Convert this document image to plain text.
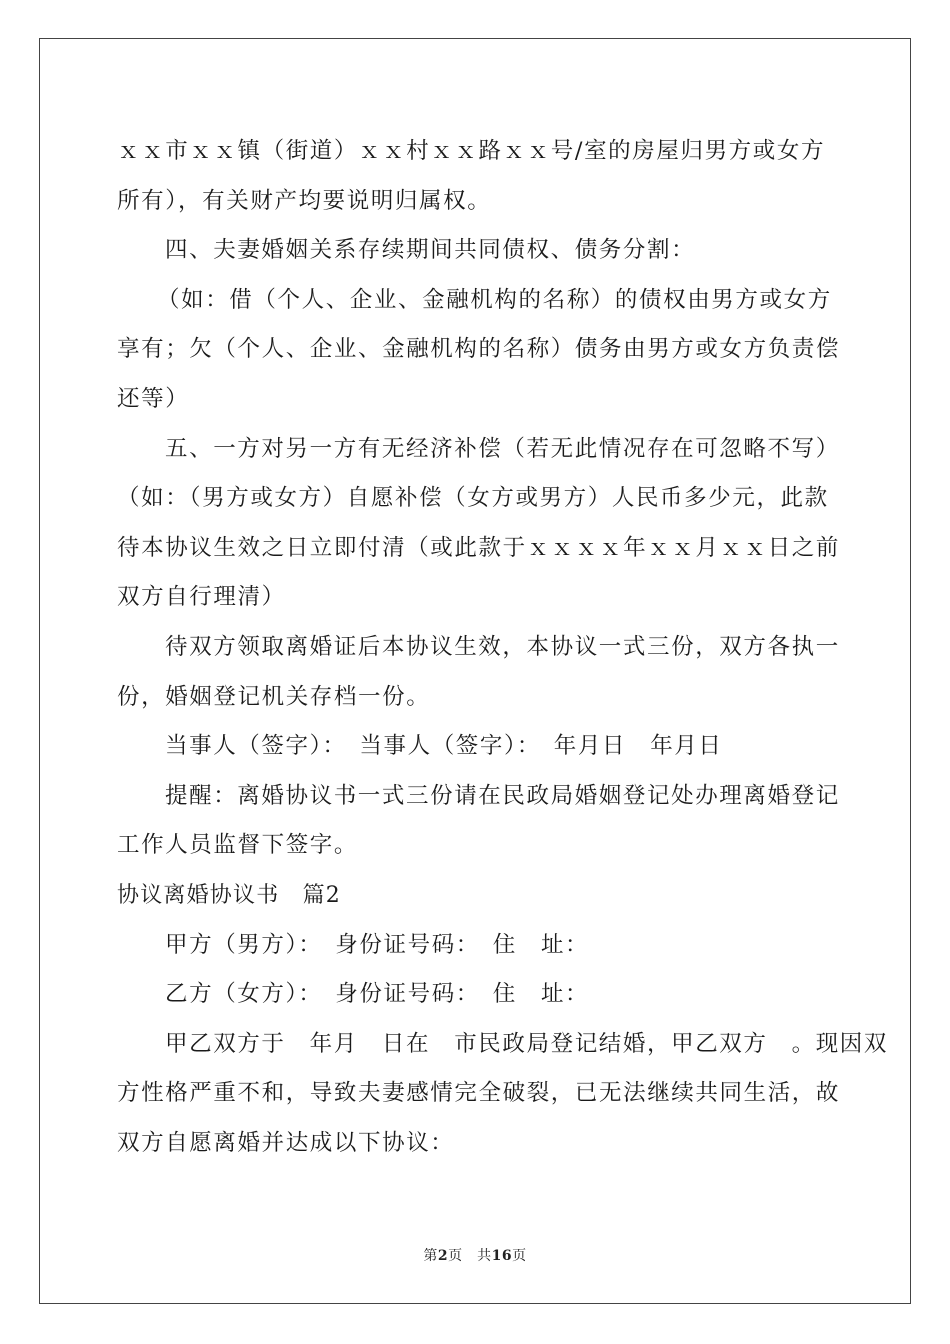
ｘｘ市ｘｘ镇（街道）ｘｘ村ｘｘ路ｘｘ号/室的房屋归男方或女方
所有），有关财产均要说明归属权。
四、夫妻婚姻关系存续期间共同债权、债务分割：
（如：借（个人、企业、金融机构的名称）的债权由男方或女方
享有；欠（个人、企业、金融机构的名称）债务由男方或女方负责偿
还等）
五、一方对另一方有无经济补偿（若无此情况存在可忽略不写）
（如：（男方或女方）自愿补偿（女方或男方）人民币多少元，此款
待本协议生效之日立即付清（或此款于ｘｘｘｘ年ｘｘ月ｘｘ日之前
双方自行理清）
待双方领取离婚证后本协议生效，本协议一式三份，双方各执一
份，婚姻登记机关存档一份。
当事人（签字）：　当事人（签字）：　年月日　年月日
提醒：离婚协议书一式三份请在民政局婚姻登记处办理离婚登记
工作人员监督下签字。
协议离婚协议书　篇2
甲方（男方）：　身份证号码：　住　址：
乙方（女方）：　身份证号码：　住　址：
甲乙双方于　年月　日在　市民政局登记结婚，甲乙双方　。现因双
方性格严重不和，导致夫妻感情完全破裂，已无法继续共同生活，故
双方自愿离婚并达成以下协议：
第2页　共16页
